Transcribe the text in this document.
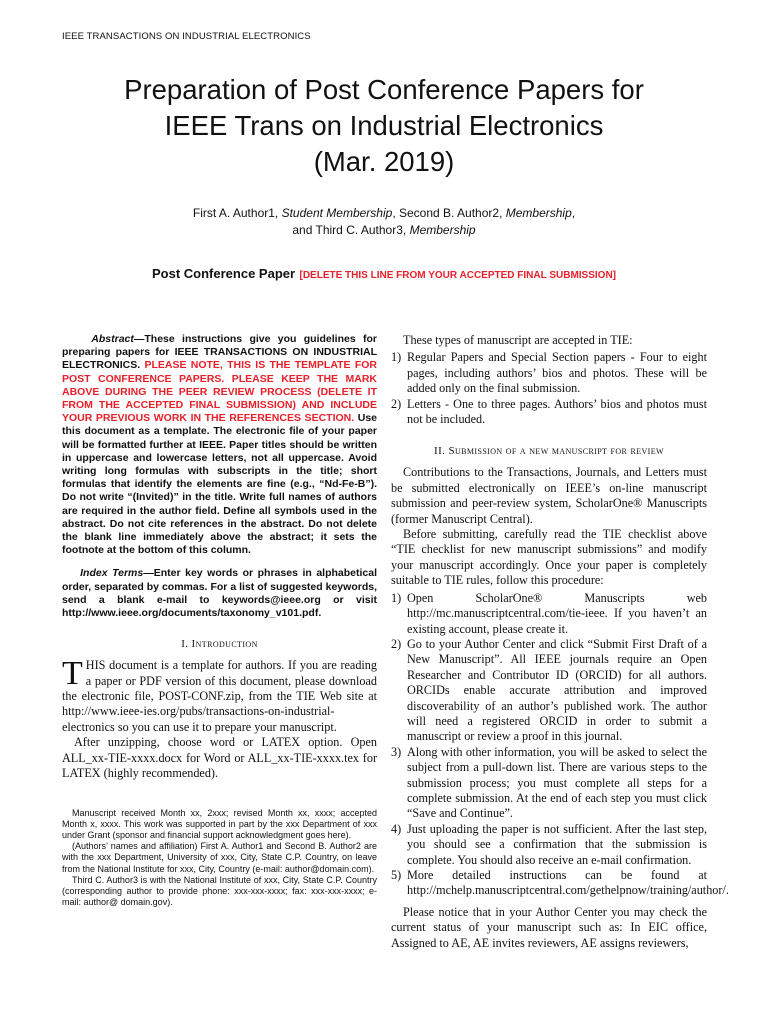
IEEE TRANSACTIONS ON INDUSTRIAL ELECTRONICS
Preparation of Post Conference Papers for
IEEE Trans on Industrial Electronics
(Mar. 2019)
First A. Author1, Student Membership, Second B. Author2, Membership,
and Third C. Author3, Membership
Post Conference Paper [DELETE THIS LINE FROM YOUR ACCEPTED FINAL SUBMISSION]
Abstract—These instructions give you guidelines for preparing papers for IEEE TRANSACTIONS ON INDUSTRIAL ELECTRONICS. PLEASE NOTE, THIS IS THE TEMPLATE FOR POST CONFERENCE PAPERS. PLEASE KEEP THE MARK ABOVE DURING THE PEER REVIEW PROCESS (DELETE IT FROM THE ACCEPTED FINAL SUBMISSION) AND INCLUDE YOUR PREVIOUS WORK IN THE REFERENCES SECTION. Use this document as a template. The electronic file of your paper will be formatted further at IEEE. Paper titles should be written in uppercase and lowercase letters, not all uppercase. Avoid writing long formulas with subscripts in the title; short formulas that identify the elements are fine (e.g., “Nd-Fe-B”). Do not write “(Invited)” in the title. Write full names of authors are required in the author field. Define all symbols used in the abstract. Do not cite references in the abstract. Do not delete the blank line immediately above the abstract; it sets the footnote at the bottom of this column.
Index Terms—Enter key words or phrases in alphabetical order, separated by commas. For a list of suggested keywords, send a blank e-mail to keywords@ieee.org or visit http://www.ieee.org/documents/taxonomy_v101.pdf.
I. Introduction

THIS document is a template for authors. If you are reading a paper or PDF version of this document, please download the electronic file, POST-CONF.zip, from the TIE Web site at http://www.ieee-ies.org/pubs/transactions-on-industrial-electronics so you can use it to prepare your manuscript.

After unzipping, choose word or LATEX option. Open ALL_xx-TIE-xxxx.docx for Word or ALL_xx-TIE-xxxx.tex for LATEX (highly recommended).

Manuscript received Month xx, 2xxx; revised Month xx, xxxx; accepted Month x, xxxx. This work was supported in part by the xxx Department of xxx under Grant (sponsor and financial support acknowledgment goes here).

(Authors’ names and affiliation) First A. Author1 and Second B. Author2 are with the xxx Department, University of xxx, City, State C.P. Country, on leave from the National Institute for xxx, City, Country (e-mail: author@domain.com).

Third C. Author3 is with the National Institute of xxx, City, State C.P. Country (corresponding author to provide phone: xxx-xxx-xxxx; fax: xxx-xxx-xxxx; e-mail: author@ domain.gov).

These types of manuscript are accepted in TIE:

1) Regular Papers and Special Section papers - Four to eight pages, including authors’ bios and photos. These will be added only on the final submission.
2) Letters - One to three pages. Authors’ bios and photos must not be included.
II. Submission of a new manuscript for review

Contributions to the Transactions, Journals, and Letters must be submitted electronically on IEEE’s on-line manuscript submission and peer-review system, ScholarOne® Manuscripts (former Manuscript Central).

Before submitting, carefully read the TIE checklist above “TIE checklist for new manuscript submissions” and modify your manuscript accordingly. Once your paper is completely suitable to TIE rules, follow this procedure:

1) Open ScholarOne® Manuscripts web http://mc.manuscriptcentral.com/tie-ieee. If you haven’t an existing account, please create it.
2) Go to your Author Center and click “Submit First Draft of a New Manuscript”. All IEEE journals require an Open Researcher and Contributor ID (ORCID) for all authors. ORCIDs enable accurate attribution and improved discoverability of an author’s published work. The author will need a registered ORCID in order to submit a manuscript or review a proof in this journal.
3) Along with other information, you will be asked to select the subject from a pull-down list. There are various steps to the submission process; you must complete all steps for a complete submission. At the end of each step you must click “Save and Continue”.
4) Just uploading the paper is not sufficient. After the last step, you should see a confirmation that the submission is complete. You should also receive an e-mail confirmation.
5) More detailed instructions can be found at http://mchelp.manuscriptcentral.com/gethelpnow/training/author/.

Please notice that in your Author Center you may check the current status of your manuscript such as: In EIC office, Assigned to AE, AE invites reviewers, AE assigns reviewers,
